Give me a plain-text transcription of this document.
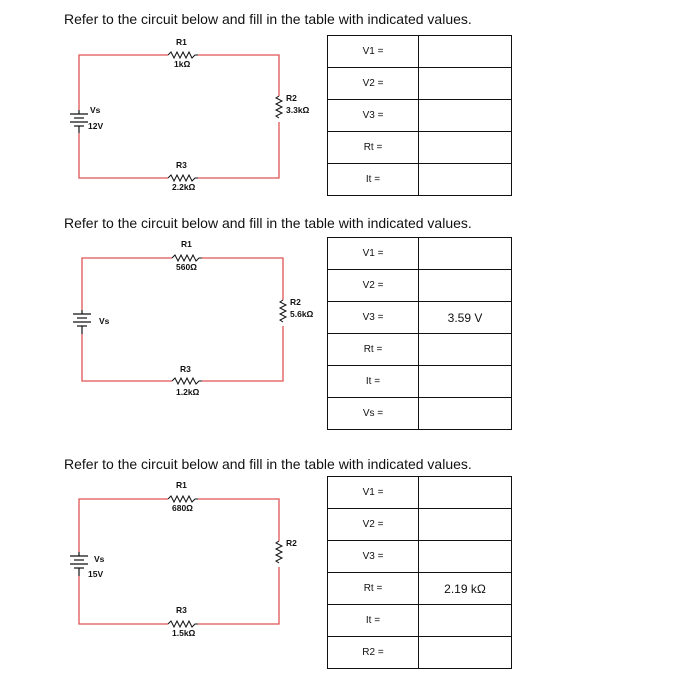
Refer to the circuit below and fill in the table with indicated values.
R1
1kΩ
R2
3.3kΩ
R3
2.2kΩ
Vs
12V
V1 =	
V2 =	
V3 =	
Rt =	
It =	
Refer to the circuit below and fill in the table with indicated values.
R1
560Ω
R2
5.6kΩ
R3
1.2kΩ
Vs
V1 =	
V2 =	
V3 =	3.59 V
Rt =	
It =	
Vs =	
Refer to the circuit below and fill in the table with indicated values.
R1
680Ω
R2
R3
1.5kΩ
Vs
15V
V1 =	
V2 =	
V3 =	
Rt =	2.19 kΩ
It =	
R2 =	
